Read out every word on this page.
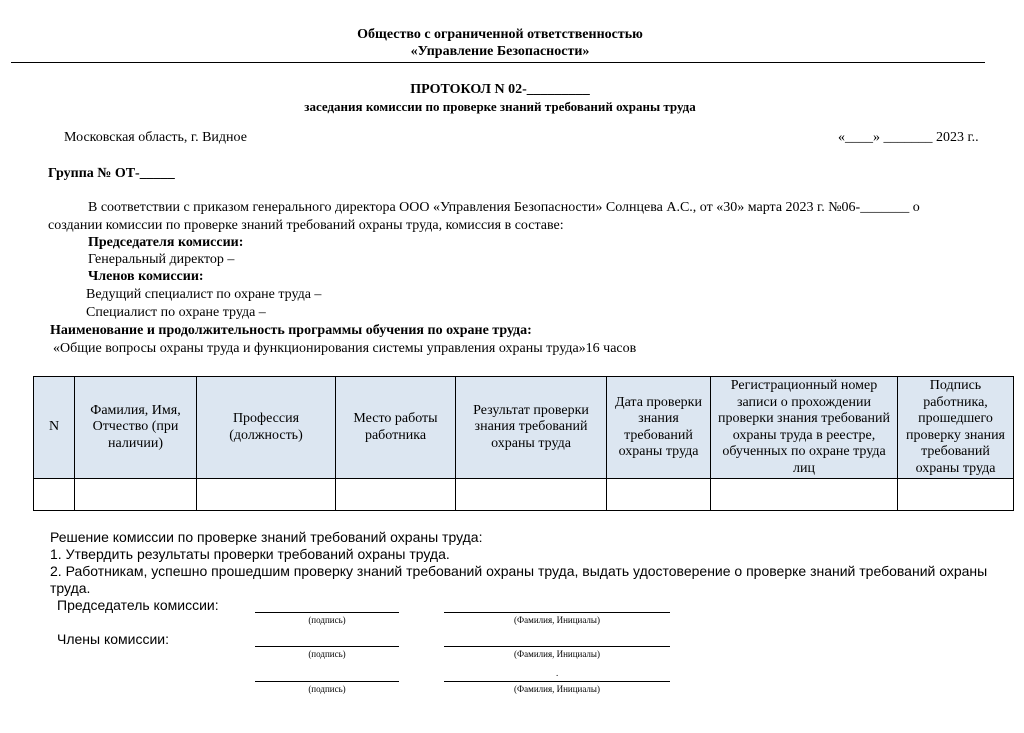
Общество с ограниченной ответственностью
«Управление Безопасности»
ПРОТОКОЛ N 02-_________
заседания комиссии по проверке знаний требований охраны труда
Московская область, г. Видное	«____» _______ 2023 г..
Группа № ОТ-_____
В соответствии с приказом генерального директора ООО «Управления Безопасности» Солнцева А.С., от «30» марта 2023 г. №06-_______ о
создании комиссии по проверке знаний требований охраны труда, комиссия в составе:
Председателя комиссии:
Генеральный директор –
Членов комиссии:
Ведущий специалист по охране труда –
Специалист по охране труда –
Наименование и продолжительность программы обучения по охране труда:
«Общие вопросы охраны труда и функционирования системы управления охраны труда»16 часов
N	Фамилия, Имя, Отчество (при наличии)	Профессия (должность)	Место работы работника	Результат проверки знания требований охраны труда	Дата проверки знания требований охраны труда	Регистрационный номер записи о прохождении проверки знания требований охраны труда в реестре, обученных по охране труда лиц	Подпись работника, прошедшего проверку знания требований охраны труда

Решение комиссии по проверке знаний требований охраны труда:
1. Утвердить результаты проверки требований охраны труда.
2. Работникам, успешно прошедшим проверку знаний требований охраны труда, выдать удостоверение о проверке знаний требований охраны
труда.
Председатель комиссии:
(подпись)	(Фамилия, Инициалы)
Члены комиссии:
(подпись)	(Фамилия, Инициалы)
.
(подпись)	(Фамилия, Инициалы)
